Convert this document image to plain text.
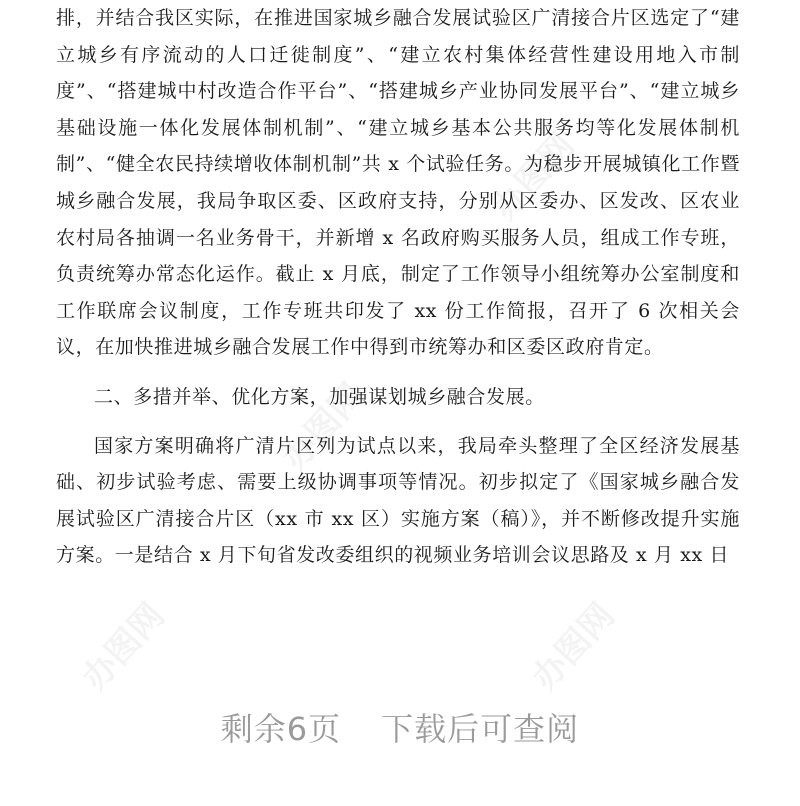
办图网
办图网
办图网	办图网

排，并结合我区实际，在推进国家城乡融合发展试验区广清接合片区选定了“建立城乡有序流动的人口迁徙制度”、“建立农村集体经营性建设用地入市制度”、“搭建城中村改造合作平台”、“搭建城乡产业协同发展平台”、“建立城乡基础设施一体化发展体制机制”、“建立城乡基本公共服务均等化发展体制机制”、“健全农民持续增收体制机制”共 x 个试验任务。为稳步开展城镇化工作暨城乡融合发展，我局争取区委、区政府支持，分别从区委办、区发改、区农业农村局各抽调一名业务骨干，并新增 x 名政府购买服务人员，组成工作专班，负责统筹办常态化运作。截止 x 月底，制定了工作领导小组统筹办公室制度和工作联席会议制度，工作专班共印发了 xx 份工作简报，召开了 6 次相关会议，在加快推进城乡融合发展工作中得到市统筹办和区委区政府肯定。

二、多措并举、优化方案，加强谋划城乡融合发展。

国家方案明确将广清片区列为试点以来，我局牵头整理了全区经济发展基础、初步试验考虑、需要上级协调事项等情况。初步拟定了《国家城乡融合发展试验区广清接合片区（xx 市 xx 区）实施方案（稿）》，并不断修改提升实施方案。一是结合 x 月下旬省发改委组织的视频业务培训会议思路及 x 月 xx 日

剩余6页 下载后可查阅
